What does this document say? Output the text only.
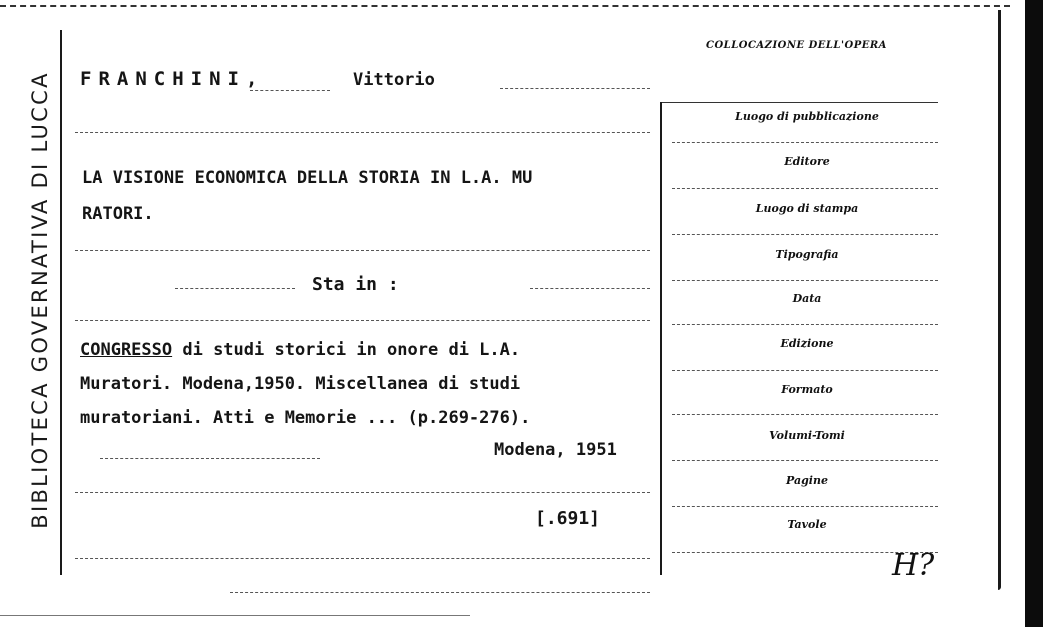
BIBLIOTECA GOVERNATIVA DI LUCCA FRANCHINI,	Vittorio
LA VISIONE ECONOMICA DELLA STORIA IN L.A. MU
RATORI.
Sta in :
CONGRESSO di studi storici in onore di L.A.
Muratori. Modena,1950. Miscellanea di studi
muratoriani. Atti e Memorie ... (p.269-276).
Modena, 1951
[.691]
COLLOCAZIONE DELL'OPERA
Luogo di pubblicazione
Editore
Luogo di stampa
Tipografia
Data
Edizione
Formato
Volumi-Tomi
Pagine
Tavole
H?
